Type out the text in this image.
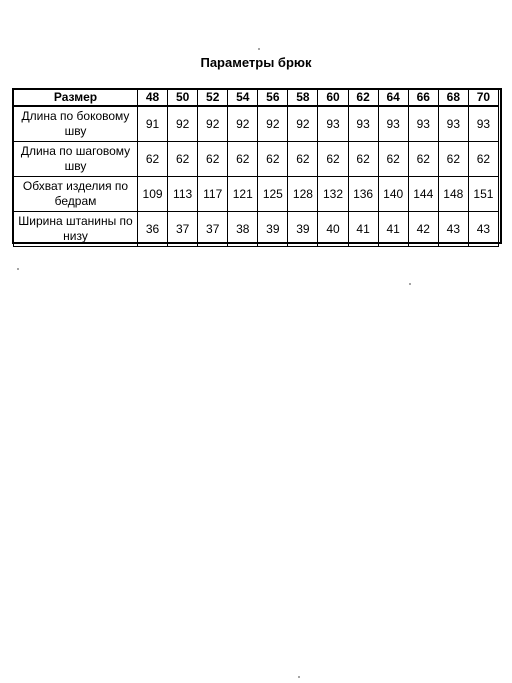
Параметры брюк
Размер	48	50	52	54	56	58	60	62	64	66	68	70
Длина по боковому шву	91	92	92	92	92	92	93	93	93	93	93	93
Длина по шаговому шву	62	62	62	62	62	62	62	62	62	62	62	62
Обхват изделия по бедрам	109	113	117	121	125	128	132	136	140	144	148	151
Ширина штанины по низу	36	37	37	38	39	39	40	41	41	42	43	43
